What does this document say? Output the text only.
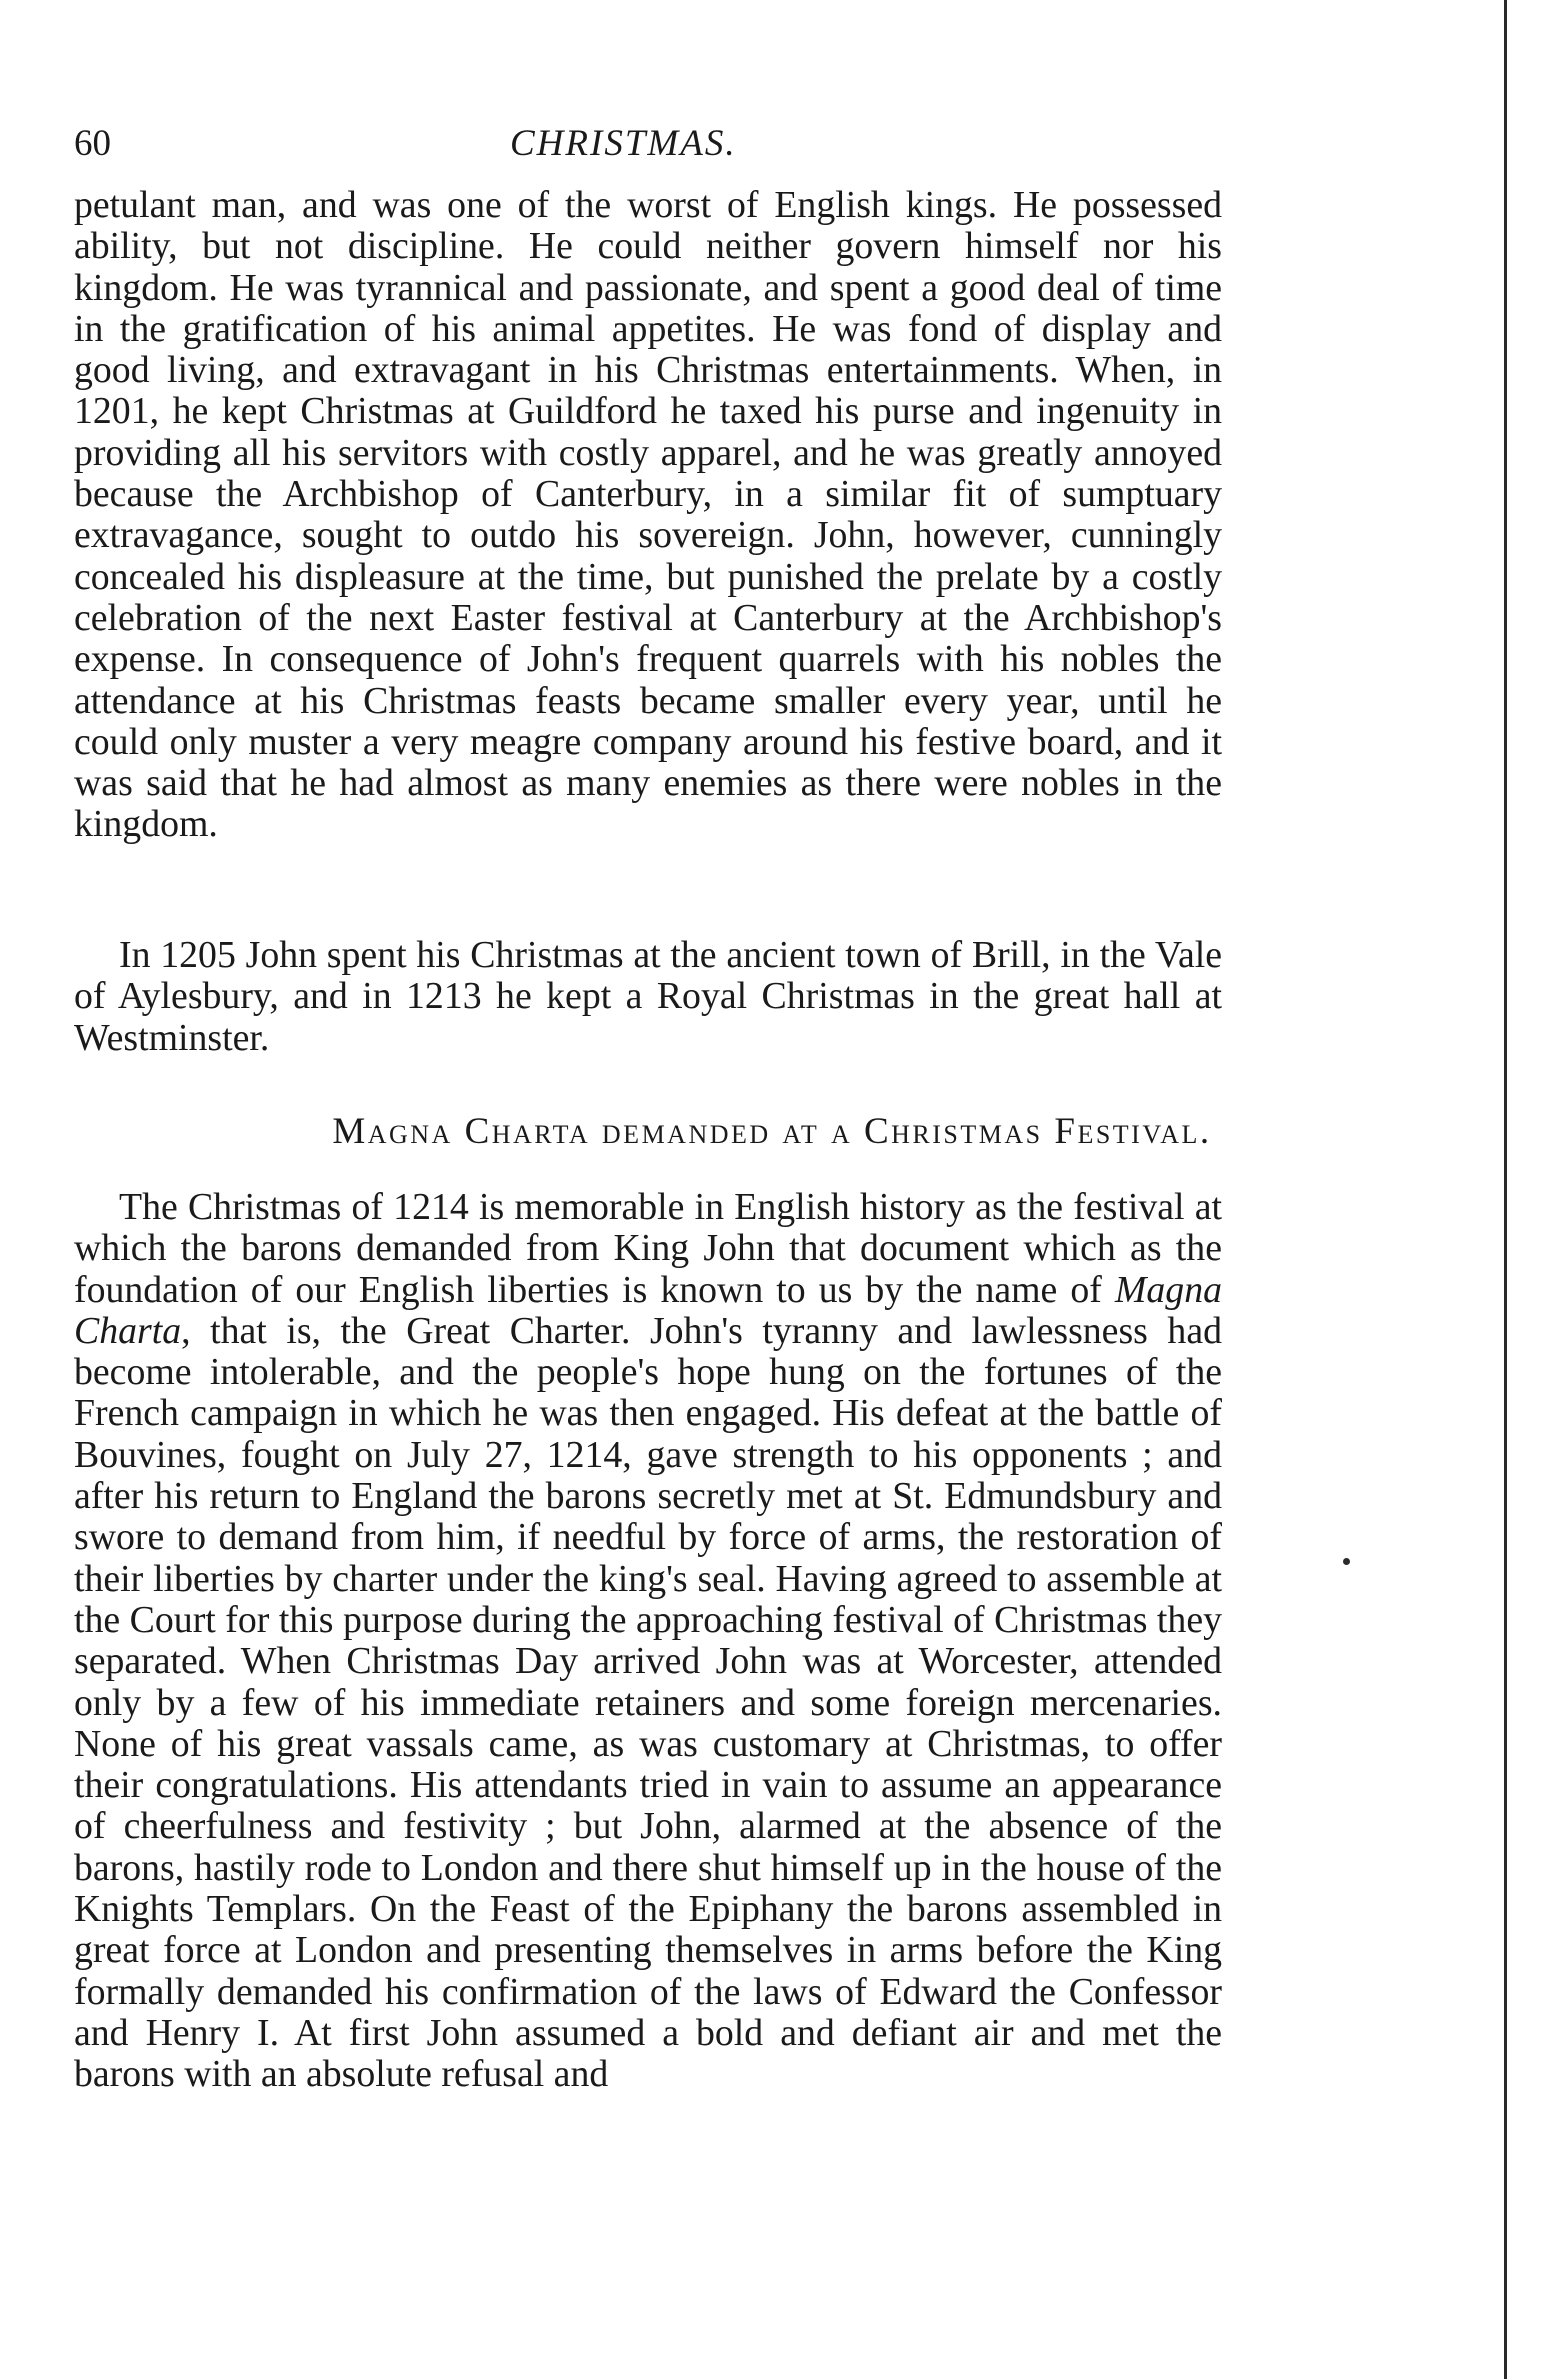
60	CHRISTMAS.

petulant man, and was one of the worst of English kings. He possessed ability, but not discipline. He could neither govern himself nor his kingdom. He was tyrannical and passionate, and spent a good deal of time in the gratification of his animal appetites. He was fond of display and good living, and extravagant in his Christmas entertainments. When, in 1201, he kept Christmas at Guildford he taxed his purse and ingenuity in providing all his servitors with costly apparel, and he was greatly annoyed because the Archbishop of Canterbury, in a similar fit of sumptuary extravagance, sought to outdo his sovereign. John, however, cunningly concealed his displeasure at the time, but punished the prelate by a costly celebration of the next Easter festival at Canterbury at the Archbishop's expense. In consequence of John's frequent quarrels with his nobles the attendance at his Christmas feasts became smaller every year, until he could only muster a very meagre company around his festive board, and it was said that he had almost as many enemies as there were nobles in the kingdom.

In 1205 John spent his Christmas at the ancient town of Brill, in the Vale of Aylesbury, and in 1213 he kept a Royal Christmas in the great hall at Westminster.

Magna Charta demanded at a Christmas Festival.

The Christmas of 1214 is memorable in English history as the festival at which the barons demanded from King John that document which as the foundation of our English liberties is known to us by the name of Magna Charta, that is, the Great Charter. John's tyranny and lawlessness had become intolerable, and the people's hope hung on the fortunes of the French campaign in which he was then engaged. His defeat at the battle of Bouvines, fought on July 27, 1214, gave strength to his opponents ; and after his return to England the barons secretly met at St. Edmundsbury and swore to demand from him, if needful by force of arms, the restoration of their liberties by charter under the king's seal. Having agreed to assemble at the Court for this purpose during the approaching festival of Christmas they separated. When Christmas Day arrived John was at Worcester, attended only by a few of his immediate retainers and some foreign mercenaries. None of his great vassals came, as was customary at Christmas, to offer their congratulations. His attendants tried in vain to assume an appearance of cheerfulness and festivity ; but John, alarmed at the absence of the barons, hastily rode to London and there shut himself up in the house of the Knights Templars. On the Feast of the Epiphany the barons assembled in great force at London and presenting themselves in arms before the King formally demanded his confirmation of the laws of Edward the Confessor and Henry I. At first John assumed a bold and defiant air and met the barons with an absolute refusal and
